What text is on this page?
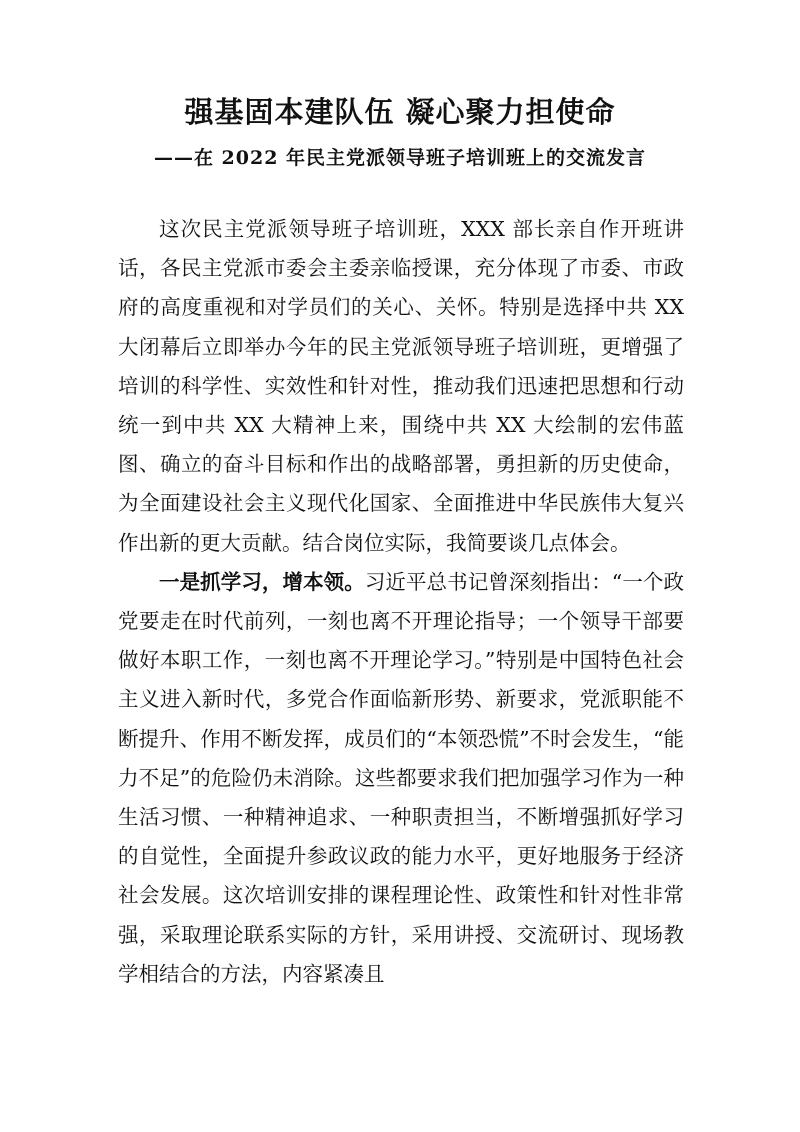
强基固本建队伍 凝心聚力担使命
——在 2022 年民主党派领导班子培训班上的交流发言

这次民主党派领导班子培训班，XXX 部长亲自作开班讲话，各民主党派市委会主委亲临授课，充分体现了市委、市政府的高度重视和对学员们的关心、关怀。特别是选择中共 XX 大闭幕后立即举办今年的民主党派领导班子培训班，更增强了培训的科学性、实效性和针对性，推动我们迅速把思想和行动统一到中共 XX 大精神上来，围绕中共 XX 大绘制的宏伟蓝图、确立的奋斗目标和作出的战略部署，勇担新的历史使命，为全面建设社会主义现代化国家、全面推进中华民族伟大复兴作出新的更大贡献。结合岗位实际，我简要谈几点体会。

一是抓学习，增本领。习近平总书记曾深刻指出：“一个政党要走在时代前列，一刻也离不开理论指导；一个领导干部要做好本职工作，一刻也离不开理论学习。”特别是中国特色社会主义进入新时代，多党合作面临新形势、新要求，党派职能不断提升、作用不断发挥，成员们的“本领恐慌”不时会发生，“能力不足”的危险仍未消除。这些都要求我们把加强学习作为一种生活习惯、一种精神追求、一种职责担当，不断增强抓好学习的自觉性，全面提升参政议政的能力水平，更好地服务于经济社会发展。这次培训安排的课程理论性、政策性和针对性非常强，采取理论联系实际的方针，采用讲授、交流研讨、现场教学相结合的方法，内容紧凑且
